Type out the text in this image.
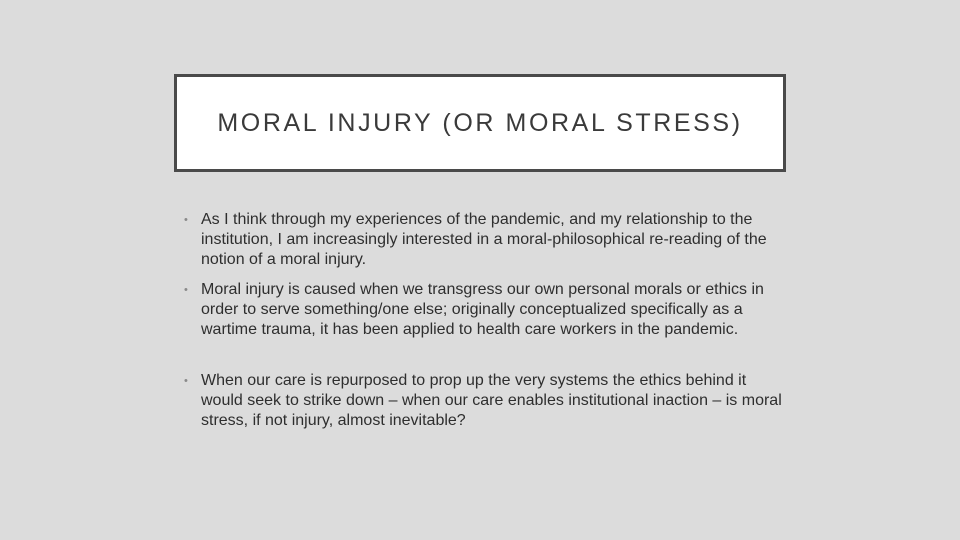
MORAL INJURY (OR MORAL STRESS)
• As I think through my experiences of the pandemic, and my relationship to the institution, I am increasingly interested in a moral-philosophical re-reading of the notion of a moral injury.
• Moral injury is caused when we transgress our own personal morals or ethics in order to serve something/one else; originally conceptualized specifically as a wartime trauma, it has been applied to health care workers in the pandemic.
• When our care is repurposed to prop up the very systems the ethics behind it would seek to strike down – when our care enables institutional inaction – is moral stress, if not injury, almost inevitable?
